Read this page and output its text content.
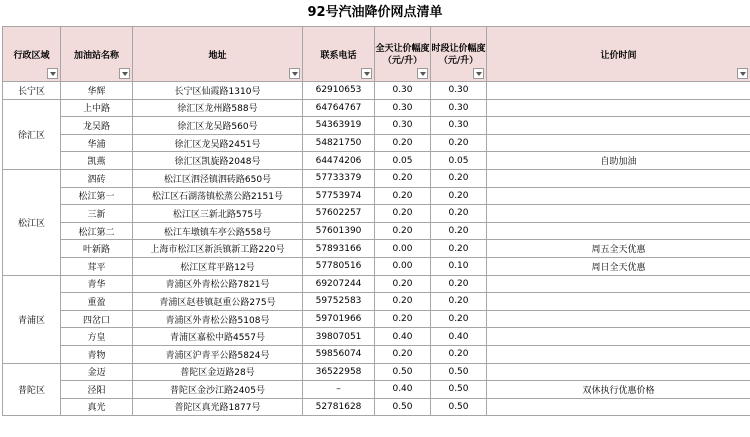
92号汽油降价网点清单
行政区域	加油站名称	地址	联系电话	全天让价幅度（元/升）	时段让价幅度（元/升）	让价时间

长宁区	华辉	长宁区仙霞路1310号	62910653	0.30	0.30	
徐汇区	上中路	徐汇区龙州路588号	64764767	0.30	0.30	
	龙吴路	徐汇区龙吴路560号	54363919	0.30	0.30	
	华浦	徐汇区龙吴路2451号	54821750	0.20	0.20	
	凯燕	徐汇区凯旋路2048号	64474206	0.05	0.05	自助加油
松江区	泗砖	松江区泗泾镇泗砖路650号	57733379	0.20	0.20	
	松江第一	松江区石湖荡镇松蒸公路2151号	57753974	0.20	0.20	
	三新	松江区三新北路575号	57602257	0.20	0.20	
	松江第二	松江车墩镇车亭公路558号	57601390	0.20	0.20	
	叶新路	上海市松江区新浜镇新工路220号	57893166	0.00	0.20	周五全天优惠
	茸平	松江区茸平路12号	57780516	0.00	0.10	周日全天优惠
青浦区	青华	青浦区外青松公路7821号	69207244	0.20	0.20	
	重盈	青浦区赵巷镇赵重公路275号	59752583	0.20	0.20	
	四岔口	青浦区外青松公路5108号	59701966	0.20	0.20	
	方皇	青浦区嘉松中路4557号	39807051	0.40	0.40	
	青物	青浦区沪青平公路5824号	59856074	0.20	0.20	
普陀区	金迈	普陀区金迈路28号	36522958	0.50	0.50	
	泾阳	普陀区金沙江路2405号	–	0.40	0.50	双休执行优惠价格
	真光	普陀区真光路1877号	52781628	0.50	0.50	
